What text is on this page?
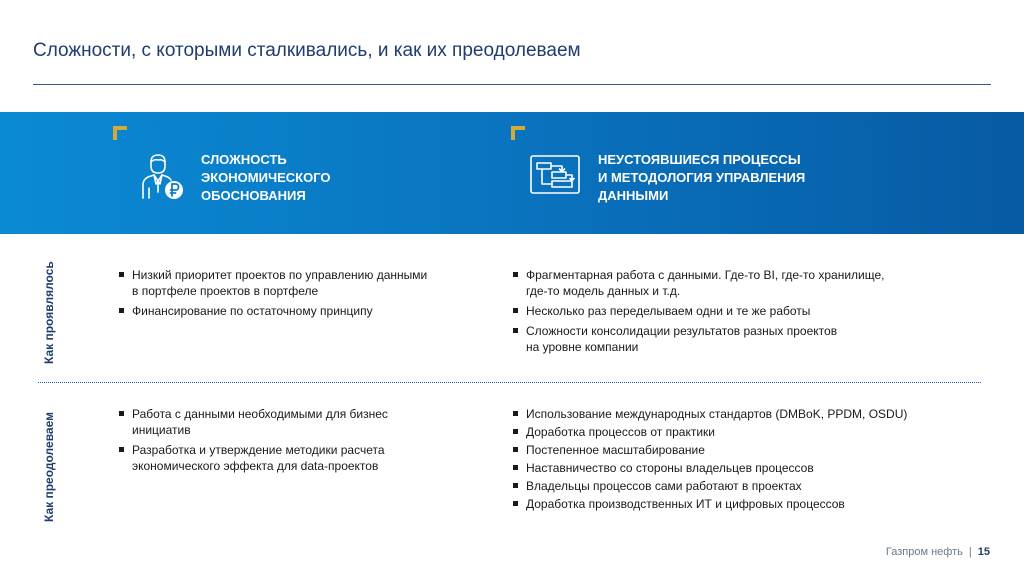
Сложности, с которыми сталкивались, и как их преодолеваем
СЛОЖНОСТЬ
ЭКОНОМИЧЕСКОГО
ОБОСНОВАНИЯ
НЕУСТОЯВШИЕСЯ ПРОЦЕССЫ
И МЕТОДОЛОГИЯ УПРАВЛЕНИЯ
ДАННЫМИ
Как проявлялось
Как преодолеваем
Низкий приоритет проектов по управлению данными
в портфеле проектов в портфеле
Финансирование по остаточному принципу
Фрагментарная работа с данными. Где-то BI, где-то хранилище,
где-то модель данных и т.д.
Несколько раз переделываем одни и те же работы
Сложности консолидации результатов разных проектов
на уровне компании
Работа с данными необходимыми для бизнес
инициатив
Разработка и утверждение методики расчета
экономического эффекта для data-проектов
Использование международных стандартов (DMBoK, PPDM, OSDU)
Доработка процессов от практики
Постепенное масштабирование
Наставничество со стороны владельцев процессов
Владельцы процессов сами работают в проектах
Доработка производственных ИТ и цифровых процессов
Газпром нефть | 15
